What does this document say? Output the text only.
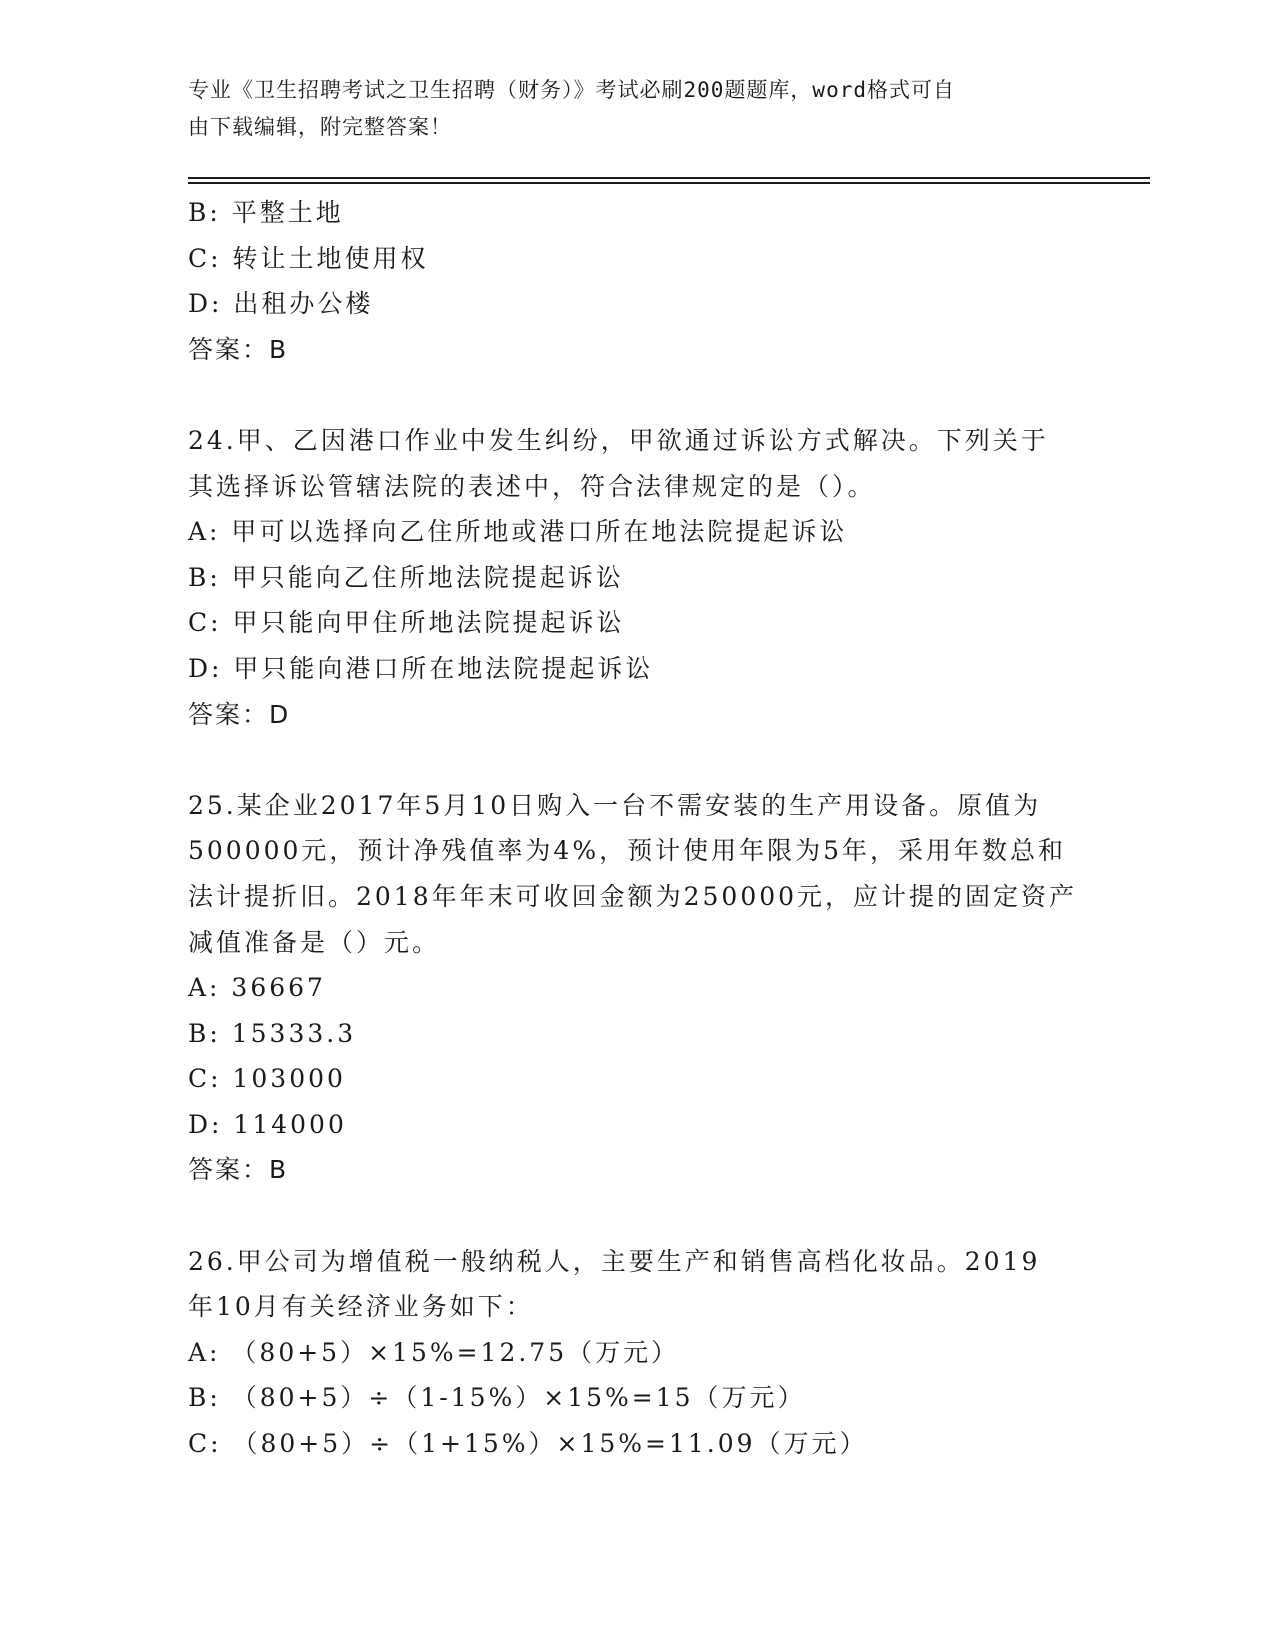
专业《卫生招聘考试之卫生招聘（财务）》考试必刷200题题库，word格式可自
由下载编辑，附完整答案！
B: 平整土地
C: 转让土地使用权
D: 出租办公楼
答案：B
24.甲、乙因港口作业中发生纠纷，甲欲通过诉讼方式解决。下列关于
其选择诉讼管辖法院的表述中，符合法律规定的是（）。
A: 甲可以选择向乙住所地或港口所在地法院提起诉讼
B: 甲只能向乙住所地法院提起诉讼
C: 甲只能向甲住所地法院提起诉讼
D: 甲只能向港口所在地法院提起诉讼
答案：D
25.某企业2017年5月10日购入一台不需安装的生产用设备。原值为
500000元，预计净残值率为4%，预计使用年限为5年，采用年数总和
法计提折旧。2018年年末可收回金额为250000元，应计提的固定资产
减值准备是（）元。
A: 36667
B: 15333.3
C: 103000
D: 114000
答案：B
26.甲公司为增值税一般纳税人，主要生产和销售高档化妆品。2019
年10月有关经济业务如下：
A: （80+5）×15%=12.75（万元）
B: （80+5）÷（1-15%）×15%=15（万元）
C: （80+5）÷（1+15%）×15%=11.09（万元）
